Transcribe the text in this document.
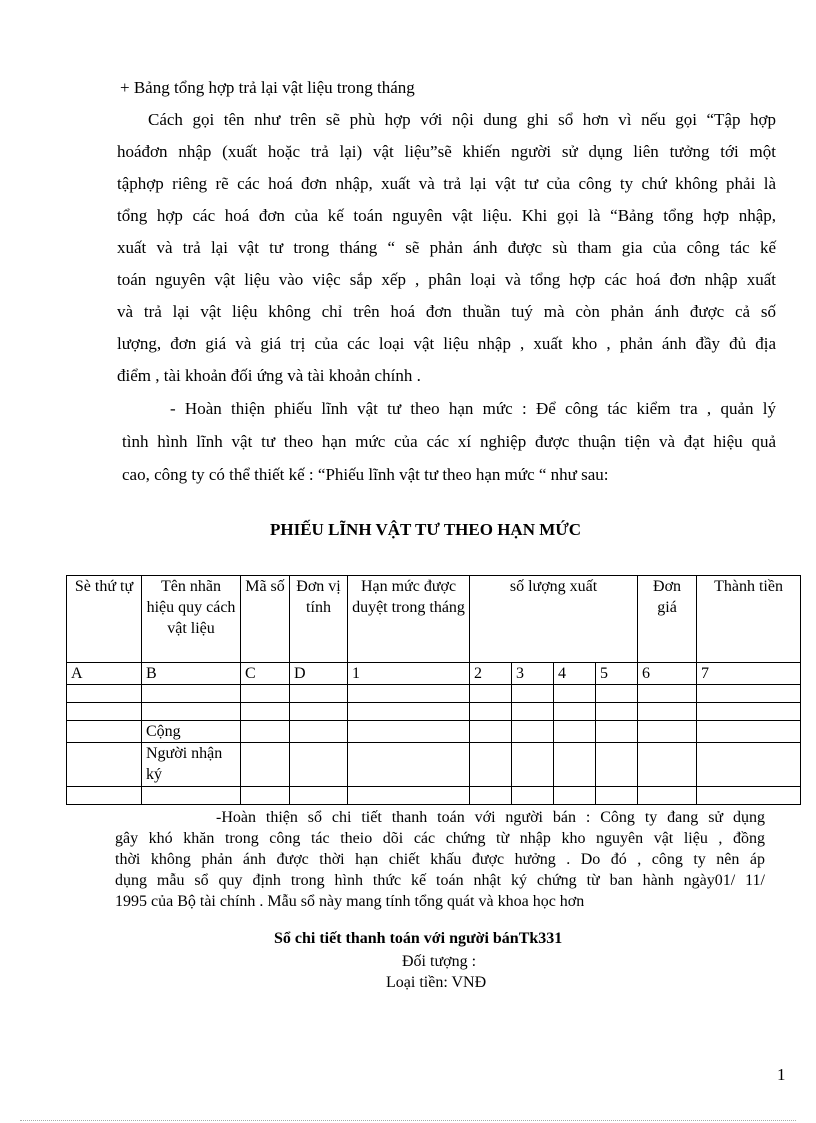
+ Bảng tổng hợp trả lại vật liệu trong tháng
Cách gọi tên như trên sẽ phù hợp với nội dung ghi sổ hơn vì nếu gọi “Tập hợp
hoáđơn nhập (xuất hoặc trả lại) vật liệu”sẽ khiến người sử dụng liên tưởng tới một
tậphợp riêng rẽ các hoá đơn nhập, xuất và trả lại vật tư của công ty chứ không phải là
tổng hợp các hoá đơn của kế toán nguyên vật liệu. Khi gọi là “Bảng tổng hợp nhập,
xuất và trả lại vật tư trong tháng “ sẽ phản ánh được sù tham gia của công tác kế
toán nguyên vật liệu vào việc sắp xếp , phân loại và tổng hợp các hoá đơn nhập xuất
và trả lại vật liệu không chỉ trên hoá đơn thuần tuý mà còn phản ánh được cả số
lượng, đơn giá và giá trị của các loại vật liệu nhập , xuất kho , phản ánh đầy đủ địa
điểm , tài khoản đối ứng và tài khoản chính .
- Hoàn thiện phiếu lĩnh vật tư theo hạn mức : Để công tác kiểm tra , quản lý
tình hình lĩnh vật tư theo hạn mức của các xí nghiệp được thuận tiện và đạt hiệu quả
cao, công ty có thể thiết kế : “Phiếu lĩnh vật tư theo hạn mức “ như sau:
PHIẾU LĨNH VẬT TƯ THEO HẠN MỨC
Sè thứ tự	Tên nhãn hiệu quy cách vật liệu	Mã số	Đơn vị tính	Hạn mức được duyệt trong tháng	số lượng xuất				Đơn giá	Thành tiền
A	B	C	D	1	2	3	4	5	6	7

	Cộng									
	Người nhận ký									

-Hoàn thiện sổ chi tiết thanh toán với người bán : Công ty đang sử dụng
gây khó khăn trong công tác theio dõi các chứng từ nhập kho nguyên vật liệu , đồng
thời không phản ánh được thời hạn chiết khấu được hưởng . Do đó , công ty nên áp
dụng mẫu sổ quy định trong hình thức kế toán nhật ký chứng từ ban hành ngày01/ 11/
1995 của Bộ tài chính . Mẫu sổ này mang tính tổng quát và khoa học hơn
Sổ chi tiết thanh toán với người bánTk331
Đối tượng :
Loại tiền: VNĐ
1
